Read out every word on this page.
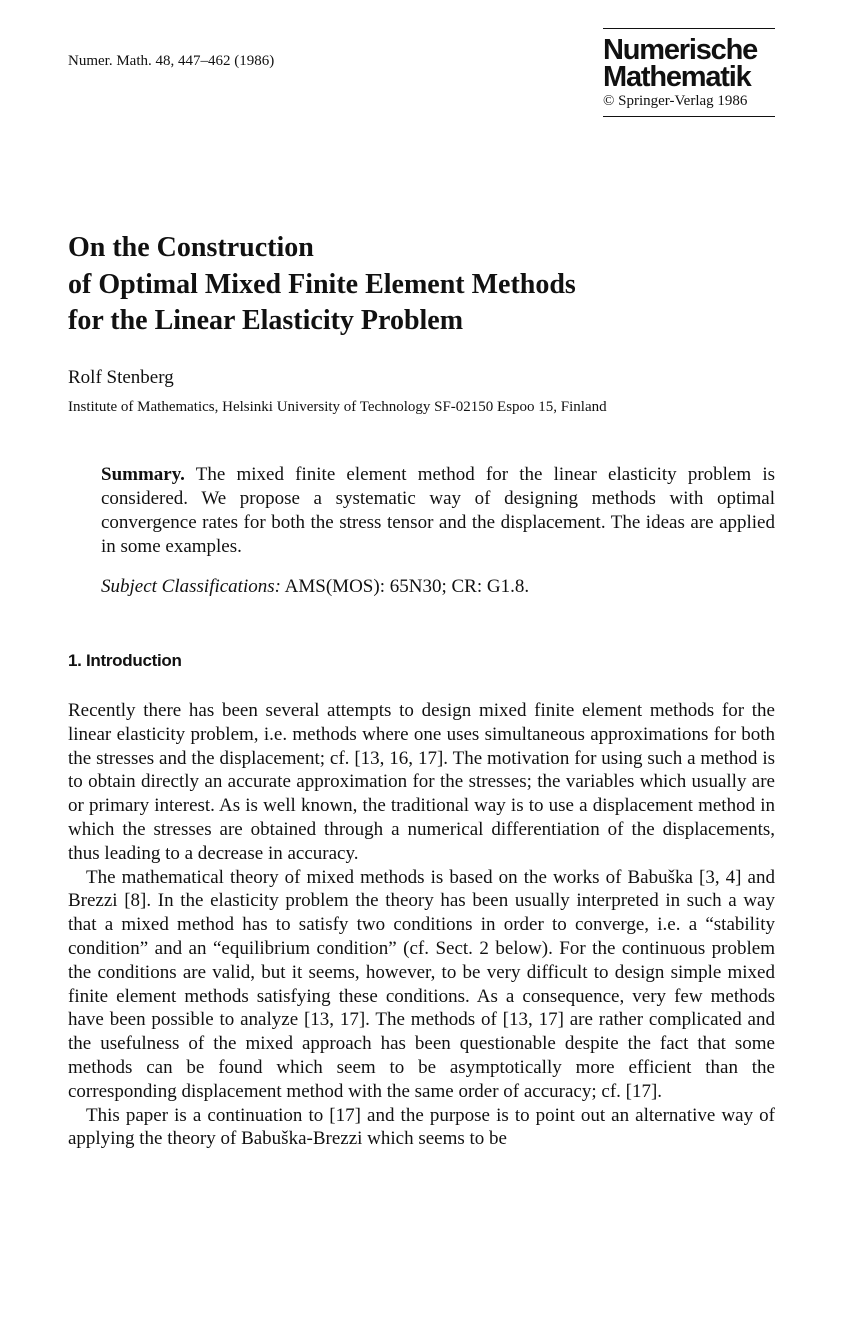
Numer. Math. 48, 447–462 (1986)	Numerische
Mathematik
© Springer-Verlag 1986
On the Construction
of Optimal Mixed Finite Element Methods
for the Linear Elasticity Problem
Rolf Stenberg
Institute of Mathematics, Helsinki University of Technology SF-02150 Espoo 15, Finland

Summary. The mixed finite element method for the linear elasticity problem is considered. We propose a systematic way of designing methods with optimal convergence rates for both the stress tensor and the displacement. The ideas are applied in some examples.

Subject Classifications: AMS(MOS): 65N30; CR: G1.8.
1. Introduction

Recently there has been several attempts to design mixed finite element methods for the linear elasticity problem, i.e. methods where one uses simultaneous approximations for both the stresses and the displacement; cf. [13, 16, 17]. The motivation for using such a method is to obtain directly an accurate approximation for the stresses; the variables which usually are or primary interest. As is well known, the traditional way is to use a displacement method in which the stresses are obtained through a numerical differentiation of the displacements, thus leading to a decrease in accuracy.

The mathematical theory of mixed methods is based on the works of Babuška [3, 4] and Brezzi [8]. In the elasticity problem the theory has been usually interpreted in such a way that a mixed method has to satisfy two conditions in order to converge, i.e. a “stability condition” and an “equilibrium condition” (cf. Sect. 2 below). For the continuous problem the conditions are valid, but it seems, however, to be very difficult to design simple mixed finite element methods satisfying these conditions. As a consequence, very few methods have been possible to analyze [13, 17]. The methods of [13, 17] are rather complicated and the usefulness of the mixed approach has been questionable despite the fact that some methods can be found which seem to be asymptotically more efficient than the corresponding displacement method with the same order of accuracy; cf. [17].

This paper is a continuation to [17] and the purpose is to point out an alternative way of applying the theory of Babuška-Brezzi which seems to be
